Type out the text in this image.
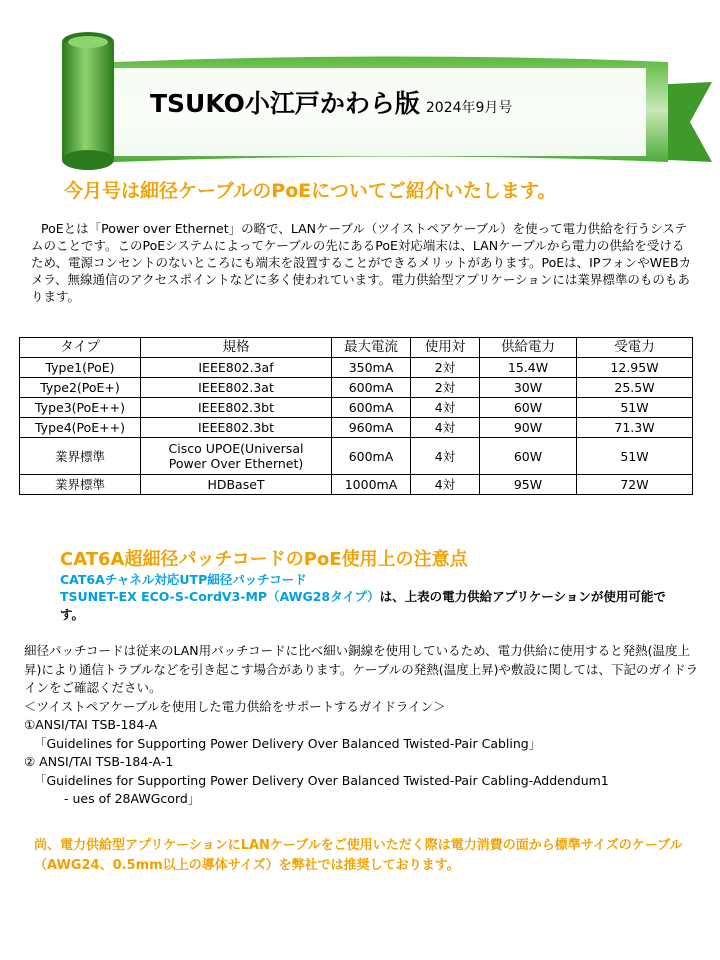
TSUKO小江戸かわら版 2024年9月号
今月号は細径ケーブルのPoEについてご紹介いたします。

PoEとは「Power over Ethernet」の略で、LANケーブル（ツイストペアケーブル）を使って電力供給を行うシステムのことです。このPoEシステムによってケーブルの先にあるPoE対応端末は、LANケーブルから電力の供給を受けるため、電源コンセントのないところにも端末を設置することができるメリットがあります。PoEは、IPフォンやWEBカメラ、無線通信のアクセスポイントなどに多く使われています。電力供給型アプリケーションには業界標準のものもあります。

タイプ	規格	最大電流	使用対	供給電力	受電力
Type1(PoE)	IEEE802.3af	350mA	2対	15.4W	12.95W
Type2(PoE+)	IEEE802.3at	600mA	2対	30W	25.5W
Type3(PoE++)	IEEE802.3bt	600mA	4対	60W	51W
Type4(PoE++)	IEEE802.3bt	960mA	4対	90W	71.3W
業界標準	Cisco UPOE(Universal Power Over Ethernet)	600mA	4対	60W	51W
業界標準	HDBaseT	1000mA	4対	95W	72W
CAT6A超細径パッチコードのPoE使用上の注意点
CAT6Aチャネル対応UTP細径パッチコード
TSUNET-EX ECO-S-CordV3-MP（AWG28タイプ）は、上表の電力供給アプリケーションが使用可能です。

細径パッチコードは従来のLAN用パッチコードに比べ細い銅線を使用しているため、電力供給に使用すると発熱(温度上昇)により通信トラブルなどを引き起こす場合があります。ケーブルの発熱(温度上昇)や敷設に関しては、下記のガイドラインをご確認ください。

＜ツイストペアケーブルを使用した電力供給をサポートするガイドライン＞

①ANSI/TAI TSB-184-A

「Guidelines for Supporting Power Delivery Over Balanced Twisted-Pair Cabling」

② ANSI/TAI TSB-184-A-1

「Guidelines for Supporting Power Delivery Over Balanced Twisted-Pair Cabling-Addendum1

- ues of 28AWGcord」

尚、電力供給型アプリケーションにLANケーブルをご使用いただく際は電力消費の面から標準サイズのケーブル（AWG24、0.5mm以上の導体サイズ）を弊社では推奨しております。
